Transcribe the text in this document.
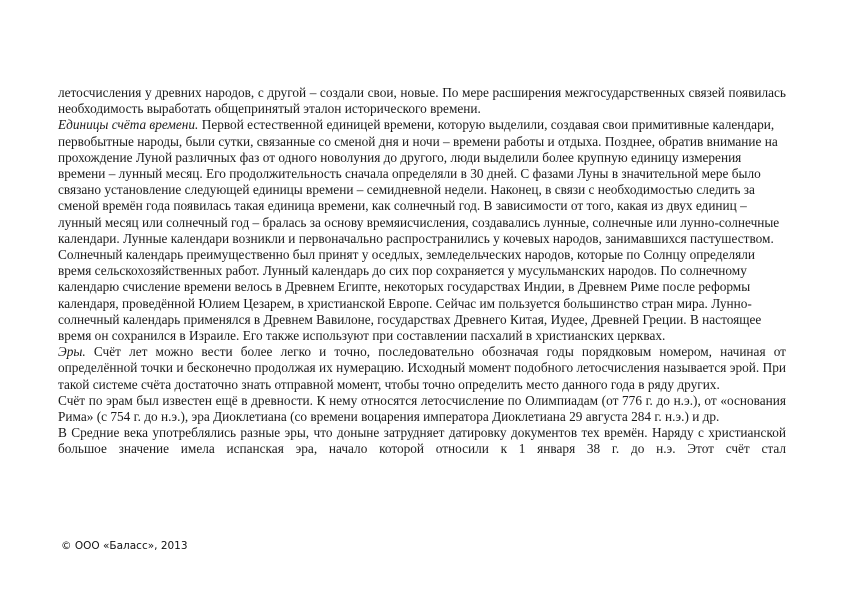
летосчисления у древних народов, с другой – создали свои, новые. По мере расширения межгосударственных связей появилась необходимость выработать общепринятый эталон исторического времени.

Единицы счёта времени. Первой естественной единицей времени, которую выделили, создавая свои примитивные календари, первобытные народы, были сутки, связанные со сменой дня и ночи – времени работы и отдыха. Позднее, обратив внимание на прохождение Луной различных фаз от одного новолуния до другого, люди выделили более крупную единицу измерения времени – лунный месяц. Его продолжительность сначала определяли в 30 дней. С фазами Луны в значительной мере было связано установление следующей единицы времени – семидневной недели. Наконец, в связи с необходимостью следить за сменой времён года появилась такая единица времени, как солнечный год. В зависимости от того, какая из двух единиц – лунный месяц или солнечный год – бралась за основу времяисчисления, создавались лунные, солнечные или лунно-солнечные календари. Лунные календари возникли и первоначально распространились у кочевых народов, занимавшихся пастушеством. Солнечный календарь преимущественно был принят у оседлых, земледельческих народов, которые по Солнцу определяли время сельскохозяйственных работ. Лунный календарь до сих пор сохраняется у мусульманских народов. По солнечному календарю счисление времени велось в Древнем Египте, некоторых государствах Индии, в Древнем Риме после реформы календаря, проведённой Юлием Цезарем, в христианской Европе. Сейчас им пользуется большинство стран мира. Лунно-солнечный календарь применялся в Древнем Вавилоне, государствах Древнего Китая, Иудее, Древней Греции. В настоящее время он сохранился в Израиле. Его также используют при составлении пасхалий в христианских церквах.

Эры. Счёт лет можно вести более легко и точно, последовательно обозначая годы порядковым номером, начиная от определённой точки и бесконечно продолжая их нумерацию. Исходный момент подобного летосчисления называется эрой. При такой системе счёта достаточно знать отправной момент, чтобы точно определить место данного года в ряду других.

Счёт по эрам был известен ещё в древности. К нему относятся летосчисление по Олимпиадам (от 776 г. до н.э.), от «основания Рима» (с 754 г. до н.э.), эра Диоклетиана (со времени воцарения императора Диоклетиана 29 августа 284 г. н.э.) и др.

В Средние века употреблялись разные эры, что доныне затрудняет датировку документов тех времён. Наряду с христианской большое значение имела испанская эра, начало которой относили к 1 января 38 г. до н.э. Этот счёт стал

© ООО «Баласс», 2013
